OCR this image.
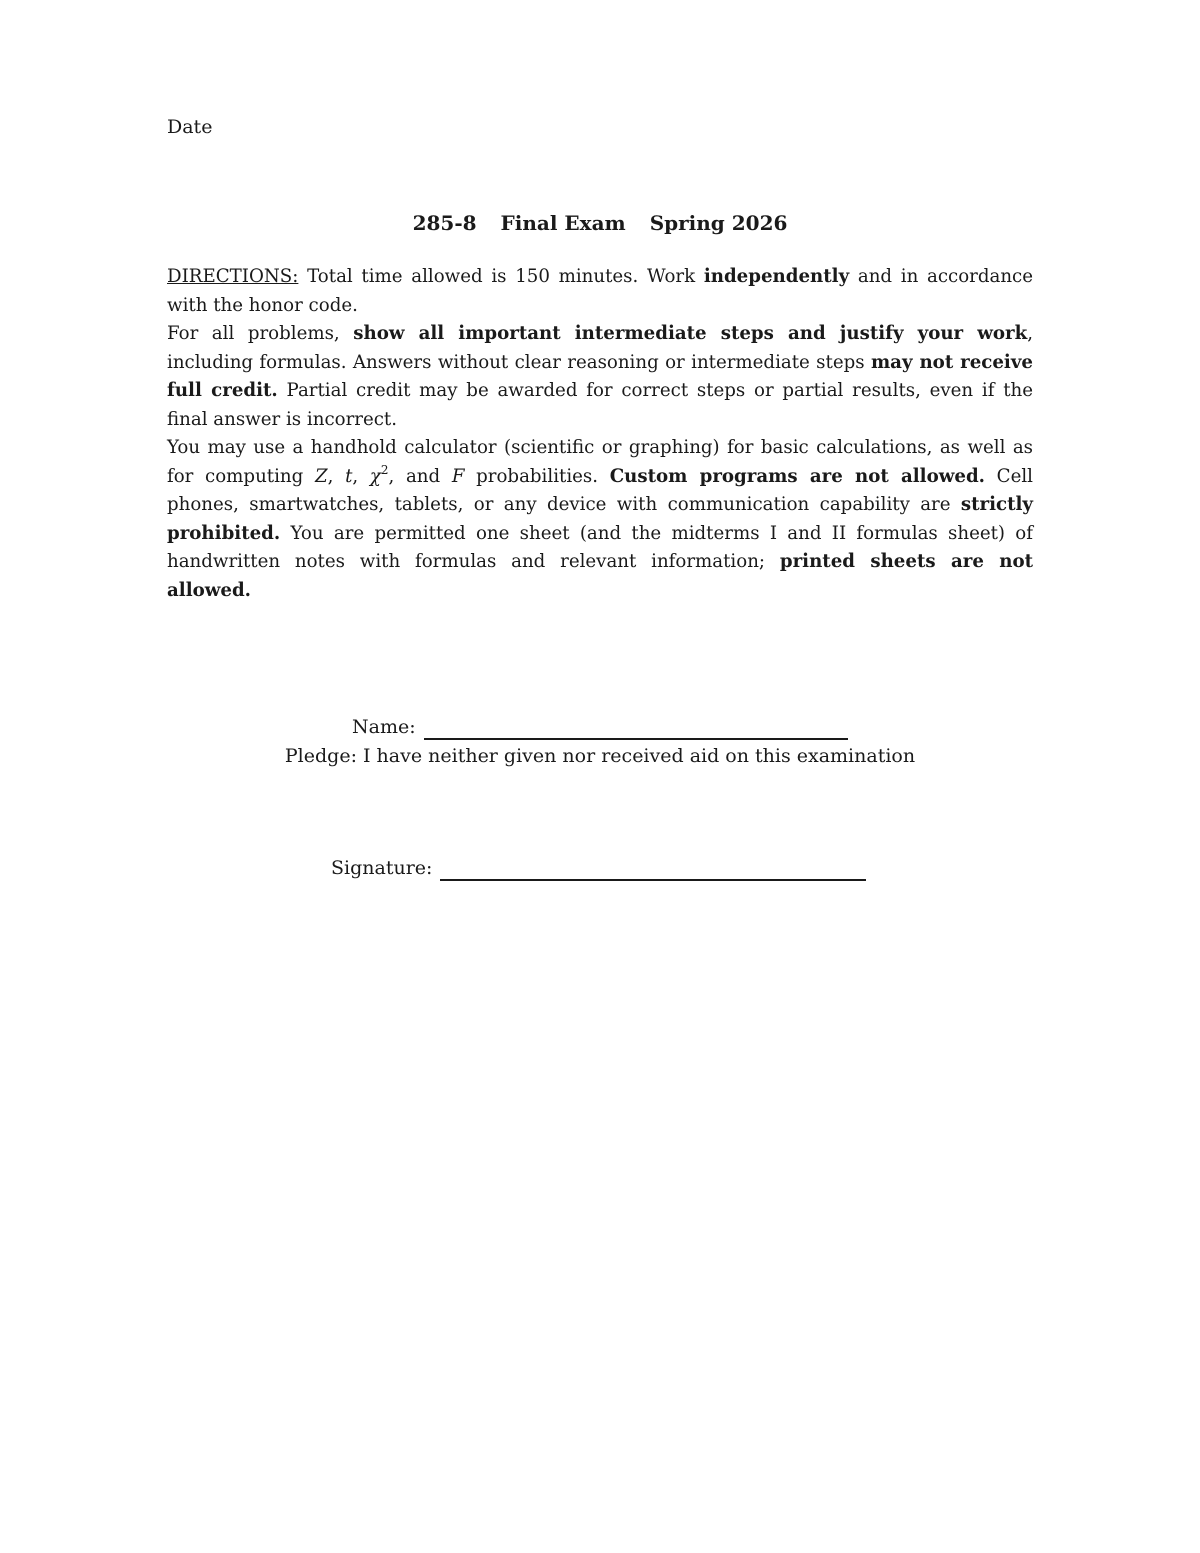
Date
285-8 Final Exam Spring 2026

DIRECTIONS: Total time allowed is 150 minutes. Work independently and in accordance with the honor code.

For all problems, show all important intermediate steps and justify your work, including formulas. Answers without clear reasoning or intermediate steps may not receive full credit. Partial credit may be awarded for correct steps or partial results, even if the final answer is incorrect.

You may use a handhold calculator (scientific or graphing) for basic calculations, as well as for computing Z, t, $\chi^2$, and F probabilities. Custom programs are not allowed. Cell phones, smartwatches, tablets, or any device with communication capability are strictly prohibited. You are permitted one sheet (and the midterms I and II formulas sheet) of handwritten notes with formulas and relevant information; printed sheets are not allowed.

Name:
Pledge: I have neither given nor received aid on this examination
Signature:
